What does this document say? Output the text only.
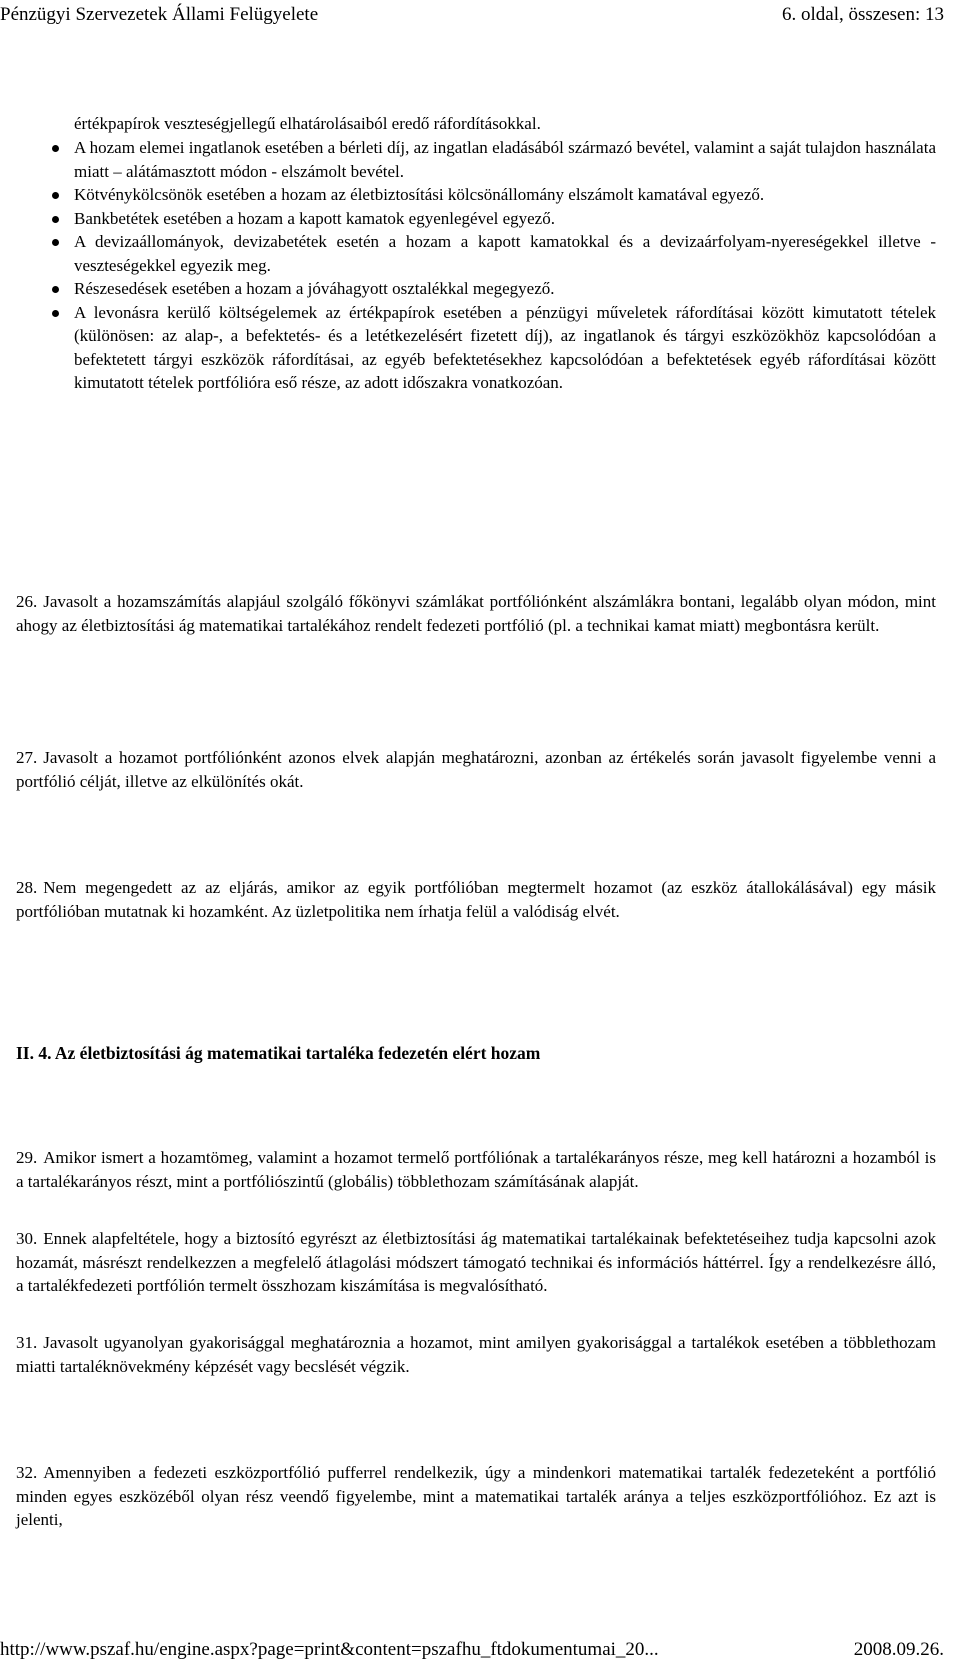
Pénzügyi Szervezetek Állami Felügyelete	6. oldal, összesen: 13
értékpapírok veszteségjellegű elhatárolásaiból eredő ráfordításokkal.
A hozam elemei ingatlanok esetében a bérleti díj, az ingatlan eladásából származó bevétel, valamint a saját tulajdon használata miatt – alátámasztott módon - elszámolt bevétel.
Kötvénykölcsönök esetében a hozam az életbiztosítási kölcsönállomány elszámolt kamatával egyező.
Bankbetétek esetében a hozam a kapott kamatok egyenlegével egyező.
A devizaállományok, devizabetétek esetén a hozam a kapott kamatokkal és a devizaárfolyam-nyereségekkel illetve -veszteségekkel egyezik meg.
Részesedések esetében a hozam a jóváhagyott osztalékkal megegyező.
A levonásra kerülő költségelemek az értékpapírok esetében a pénzügyi műveletek ráfordításai között kimutatott tételek (különösen: az alap-, a befektetés- és a letétkezelésért fizetett díj), az ingatlanok és tárgyi eszközökhöz kapcsolódóan a befektetett tárgyi eszközök ráfordításai, az egyéb befektetésekhez kapcsolódóan a befektetések egyéb ráfordításai között kimutatott tételek portfólióra eső része, az adott időszakra vonatkozóan.
26. Javasolt a hozamszámítás alapjául szolgáló főkönyvi számlákat portfóliónként alszámlákra bontani, legalább olyan módon, mint ahogy az életbiztosítási ág matematikai tartalékához rendelt fedezeti portfólió (pl. a technikai kamat miatt) megbontásra került.
27. Javasolt a hozamot portfóliónként azonos elvek alapján meghatározni, azonban az értékelés során javasolt figyelembe venni a portfólió célját, illetve az elkülönítés okát.
28. Nem megengedett az az eljárás, amikor az egyik portfólióban megtermelt hozamot (az eszköz átallokálásával) egy másik portfólióban mutatnak ki hozamként. Az üzletpolitika nem írhatja felül a valódiság elvét.
II. 4. Az életbiztosítási ág matematikai tartaléka fedezetén elért hozam
29. Amikor ismert a hozamtömeg, valamint a hozamot termelő portfóliónak a tartalékarányos része, meg kell határozni a hozamból is a tartalékarányos részt, mint a portfóliószintű (globális) többlethozam számításának alapját.
30. Ennek alapfeltétele, hogy a biztosító egyrészt az életbiztosítási ág matematikai tartalékainak befektetéseihez tudja kapcsolni azok hozamát, másrészt rendelkezzen a megfelelő átlagolási módszert támogató technikai és információs háttérrel. Így a rendelkezésre álló, a tartalékfedezeti portfólión termelt összhozam kiszámítása is megvalósítható.
31. Javasolt ugyanolyan gyakorisággal meghatároznia a hozamot, mint amilyen gyakorisággal a tartalékok esetében a többlethozam miatti tartaléknövekmény képzését vagy becslését végzik.
32. Amennyiben a fedezeti eszközportfólió pufferrel rendelkezik, úgy a mindenkori matematikai tartalék fedezeteként a portfólió minden egyes eszközéből olyan rész veendő figyelembe, mint a matematikai tartalék aránya a teljes eszközportfólióhoz. Ez azt is jelenti,
http://www.pszaf.hu/engine.aspx?page=print&content=pszafhu_ftdokumentumai_20...	2008.09.26.
